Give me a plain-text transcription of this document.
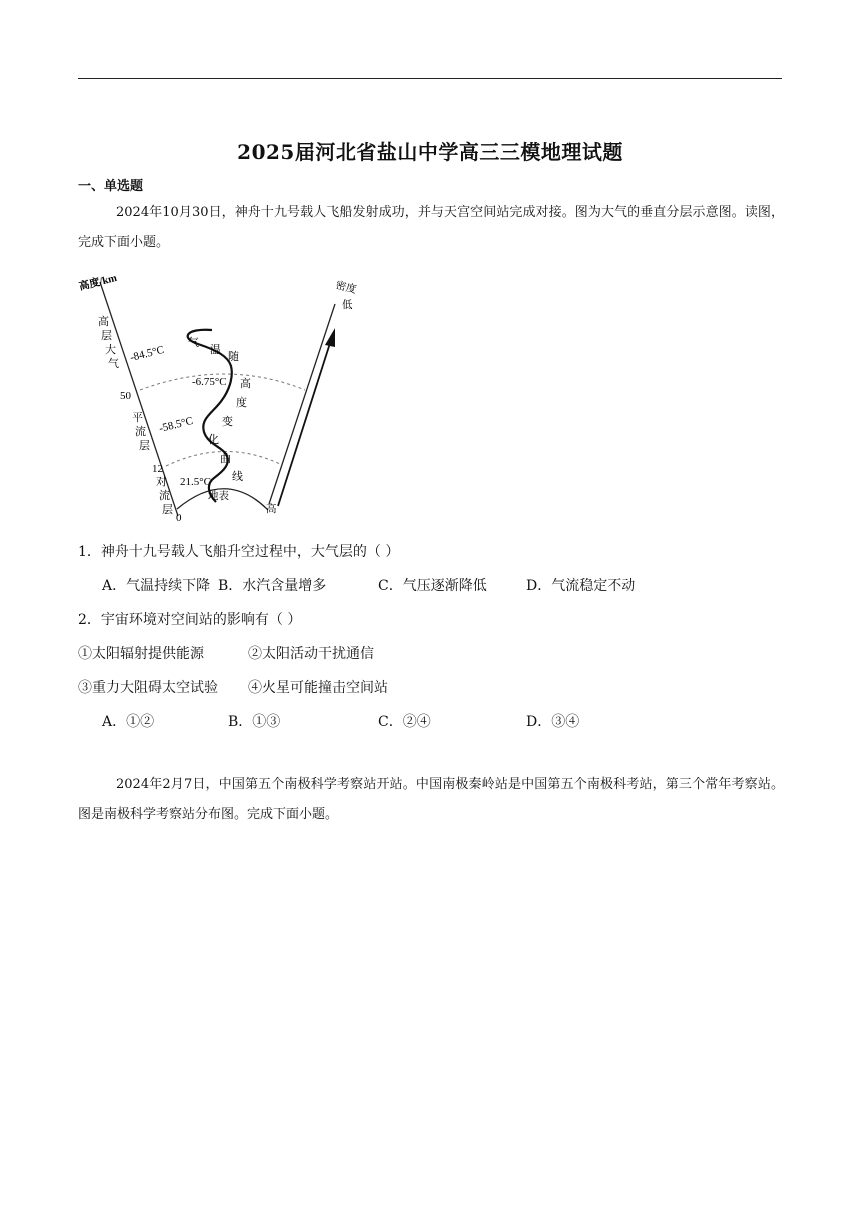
2025届河北省盐山中学高三三模地理试题
一、单选题
2024年10月30日，神舟十九号载人飞船发射成功，并与天宫空间站完成对接。图为大气的垂直分层示意图。读图，完成下面小题。
高度/km	密度
低
高
地表
50
12
0
高
层
大
气
平
流
层
对
流
层
-84.5°C
-6.75°C
-58.5°C
21.5°C
气
温
随
高
度
变
化
曲
线
1．神舟十九号载人飞船升空过程中，大气层的（ ）
A．气温持续下降 B．水汽含量增多	C．气压逐渐降低	D．气流稳定不动
2．宇宙环境对空间站的影响有（ ）
①太阳辐射提供能源	②太阳活动干扰通信
③重力大阻碍太空试验 ④火星可能撞击空间站
A．①②	B．①③	C．②④	D．③④
2024年2月7日，中国第五个南极科学考察站开站。中国南极秦岭站是中国第五个南极科考站，第三个常年考察站。图是南极科学考察站分布图。完成下面小题。
